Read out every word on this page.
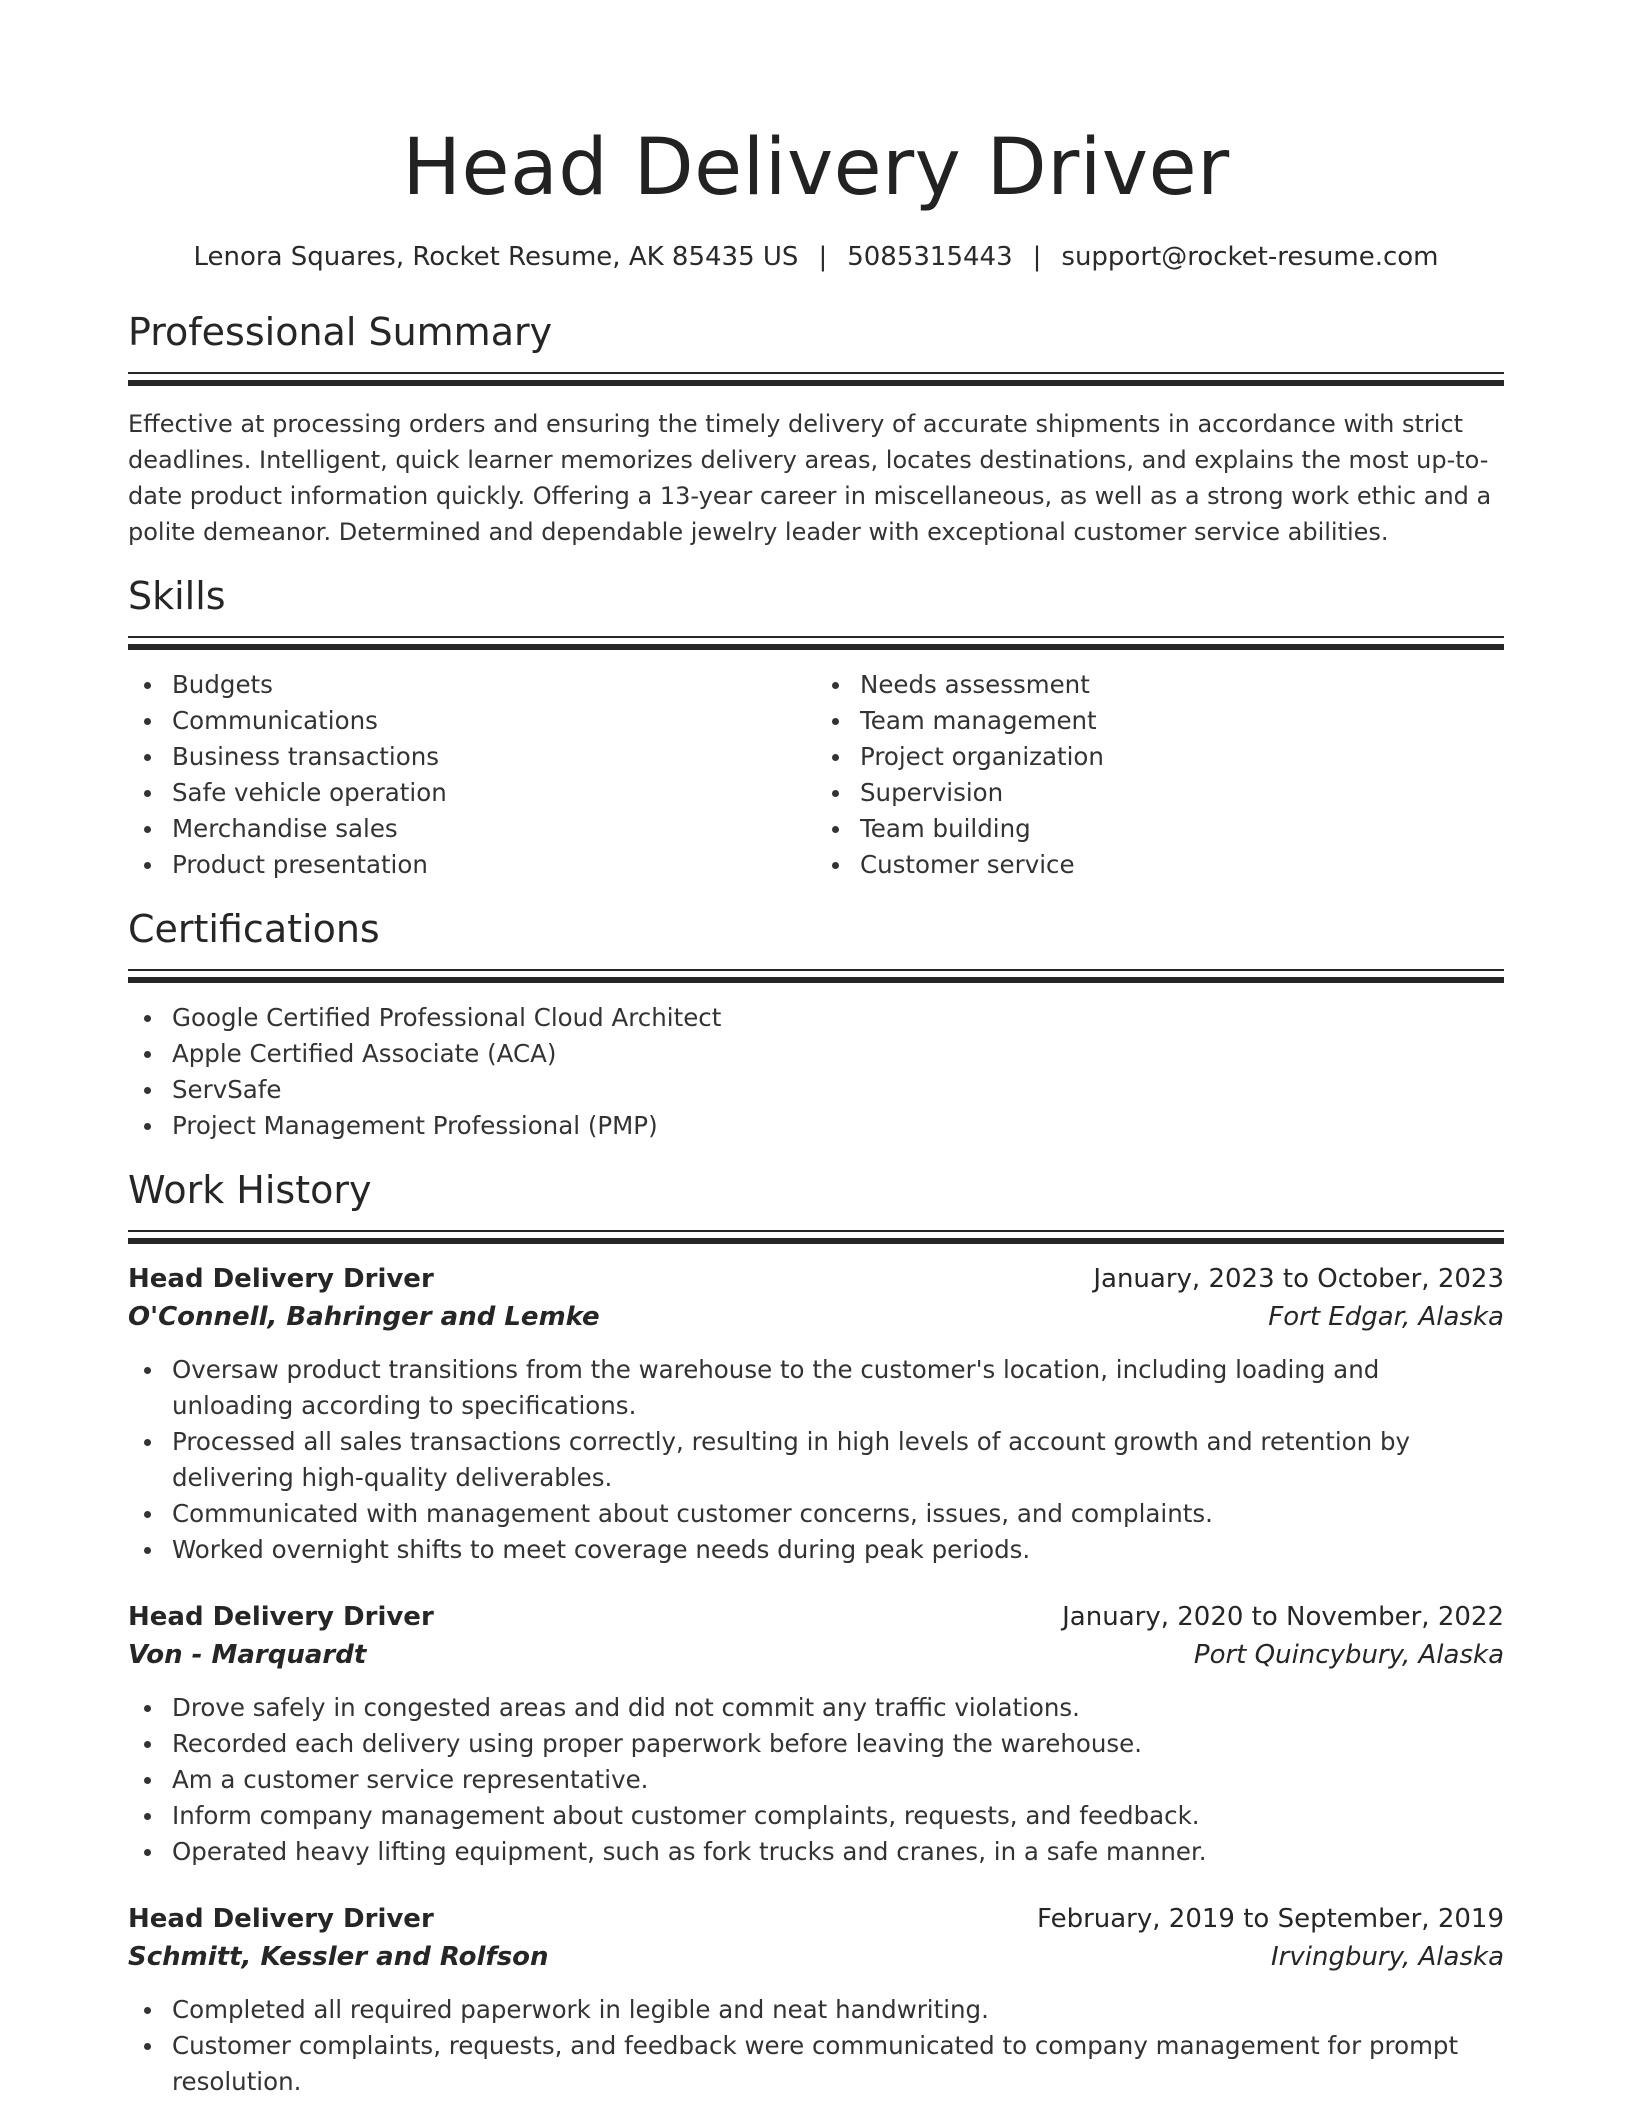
Head Delivery Driver
Lenora Squares, Rocket Resume, AK 85435 US | 5085315443 | support@rocket-resume.com
Professional Summary
Effective at processing orders and ensuring the timely delivery of accurate shipments in accordance with strict deadlines. Intelligent, quick learner memorizes delivery areas, locates destinations, and explains the most up-to-date product information quickly. Offering a 13-year career in miscellaneous, as well as a strong work ethic and a polite demeanor. Determined and dependable jewelry leader with exceptional customer service abilities.
Skills
Budgets
Communications
Business transactions
Safe vehicle operation
Merchandise sales
Product presentation
Needs assessment
Team management
Project organization
Supervision
Team building
Customer service
Certifications
Google Certified Professional Cloud Architect
Apple Certified Associate (ACA)
ServSafe
Project Management Professional (PMP)
Work History
Head Delivery Driver	January, 2023 to October, 2023
O'Connell, Bahringer and Lemke	Fort Edgar, Alaska
Oversaw product transitions from the warehouse to the customer's location, including loading and unloading according to specifications.
Processed all sales transactions correctly, resulting in high levels of account growth and retention by delivering high-quality deliverables.
Communicated with management about customer concerns, issues, and complaints.
Worked overnight shifts to meet coverage needs during peak periods.
Head Delivery Driver	January, 2020 to November, 2022
Von - Marquardt	Port Quincybury, Alaska
Drove safely in congested areas and did not commit any traffic violations.
Recorded each delivery using proper paperwork before leaving the warehouse.
Am a customer service representative.
Inform company management about customer complaints, requests, and feedback.
Operated heavy lifting equipment, such as fork trucks and cranes, in a safe manner.
Head Delivery Driver	February, 2019 to September, 2019
Schmitt, Kessler and Rolfson	Irvingbury, Alaska
Completed all required paperwork in legible and neat handwriting.
Customer complaints, requests, and feedback were communicated to company management for prompt resolution.
